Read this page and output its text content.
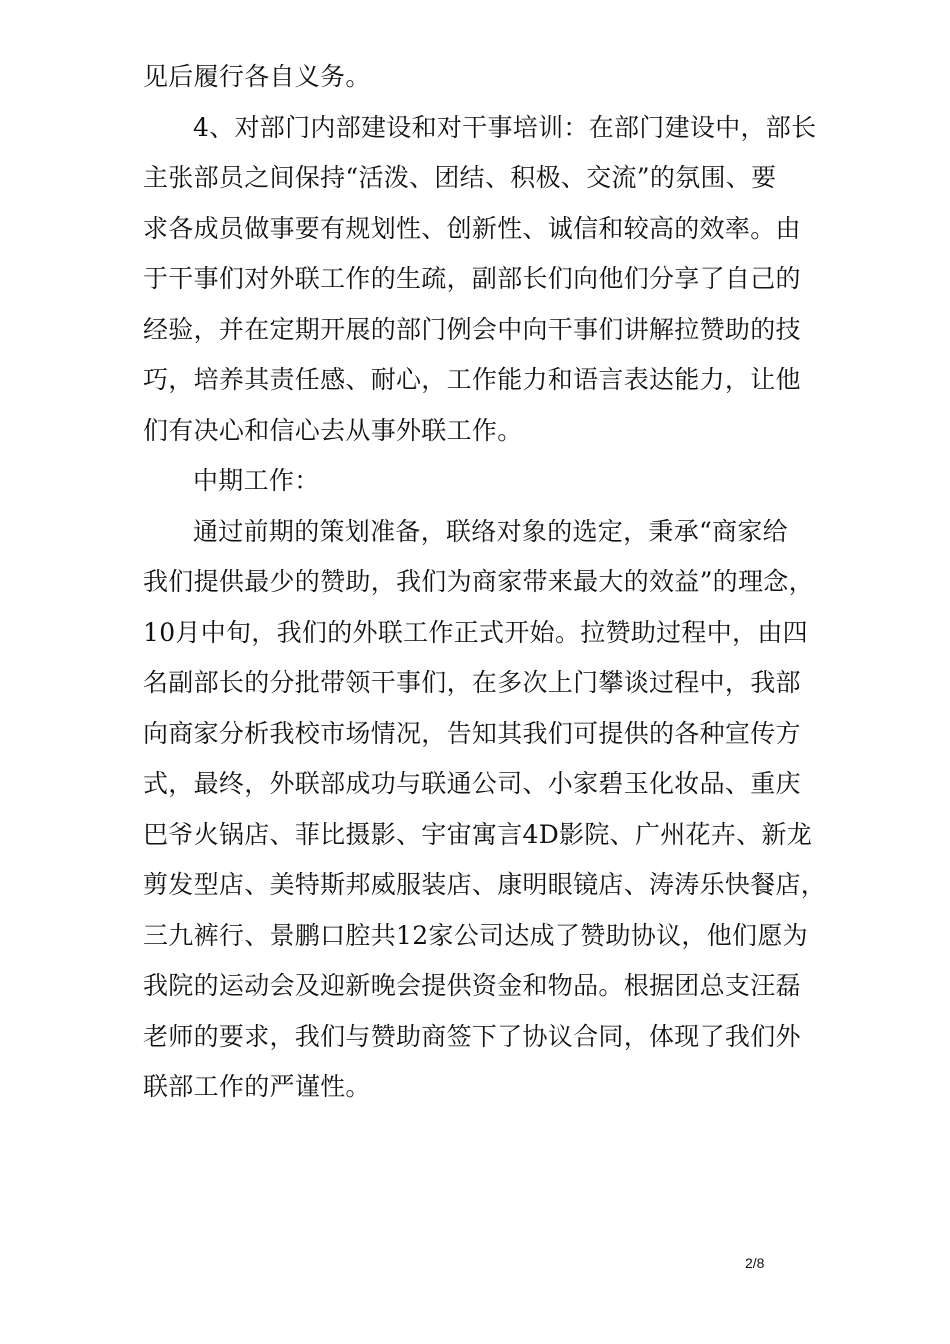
见后履行各自义务。
4、对部门内部建设和对干事培训：在部门建设中，部长
主张部员之间保持“活泼、团结、积极、交流”的氛围、要
求各成员做事要有规划性、创新性、诚信和较高的效率。由
于干事们对外联工作的生疏，副部长们向他们分享了自己的
经验，并在定期开展的部门例会中向干事们讲解拉赞助的技
巧，培养其责任感、耐心，工作能力和语言表达能力，让他
们有决心和信心去从事外联工作。
中期工作：
通过前期的策划准备，联络对象的选定，秉承“商家给
我们提供最少的赞助，我们为商家带来最大的效益”的理念，
10月中旬，我们的外联工作正式开始。拉赞助过程中，由四
名副部长的分批带领干事们，在多次上门攀谈过程中，我部
向商家分析我校市场情况，告知其我们可提供的各种宣传方
式，最终，外联部成功与联通公司、小家碧玉化妆品、重庆
巴爷火锅店、菲比摄影、宇宙寓言4D影院、广州花卉、新龙
剪发型店、美特斯邦威服装店、康明眼镜店、涛涛乐快餐店，
三九裤行、景鹏口腔共12家公司达成了赞助协议，他们愿为
我院的运动会及迎新晚会提供资金和物品。根据团总支汪磊
老师的要求，我们与赞助商签下了协议合同，体现了我们外
联部工作的严谨性。
2/8
